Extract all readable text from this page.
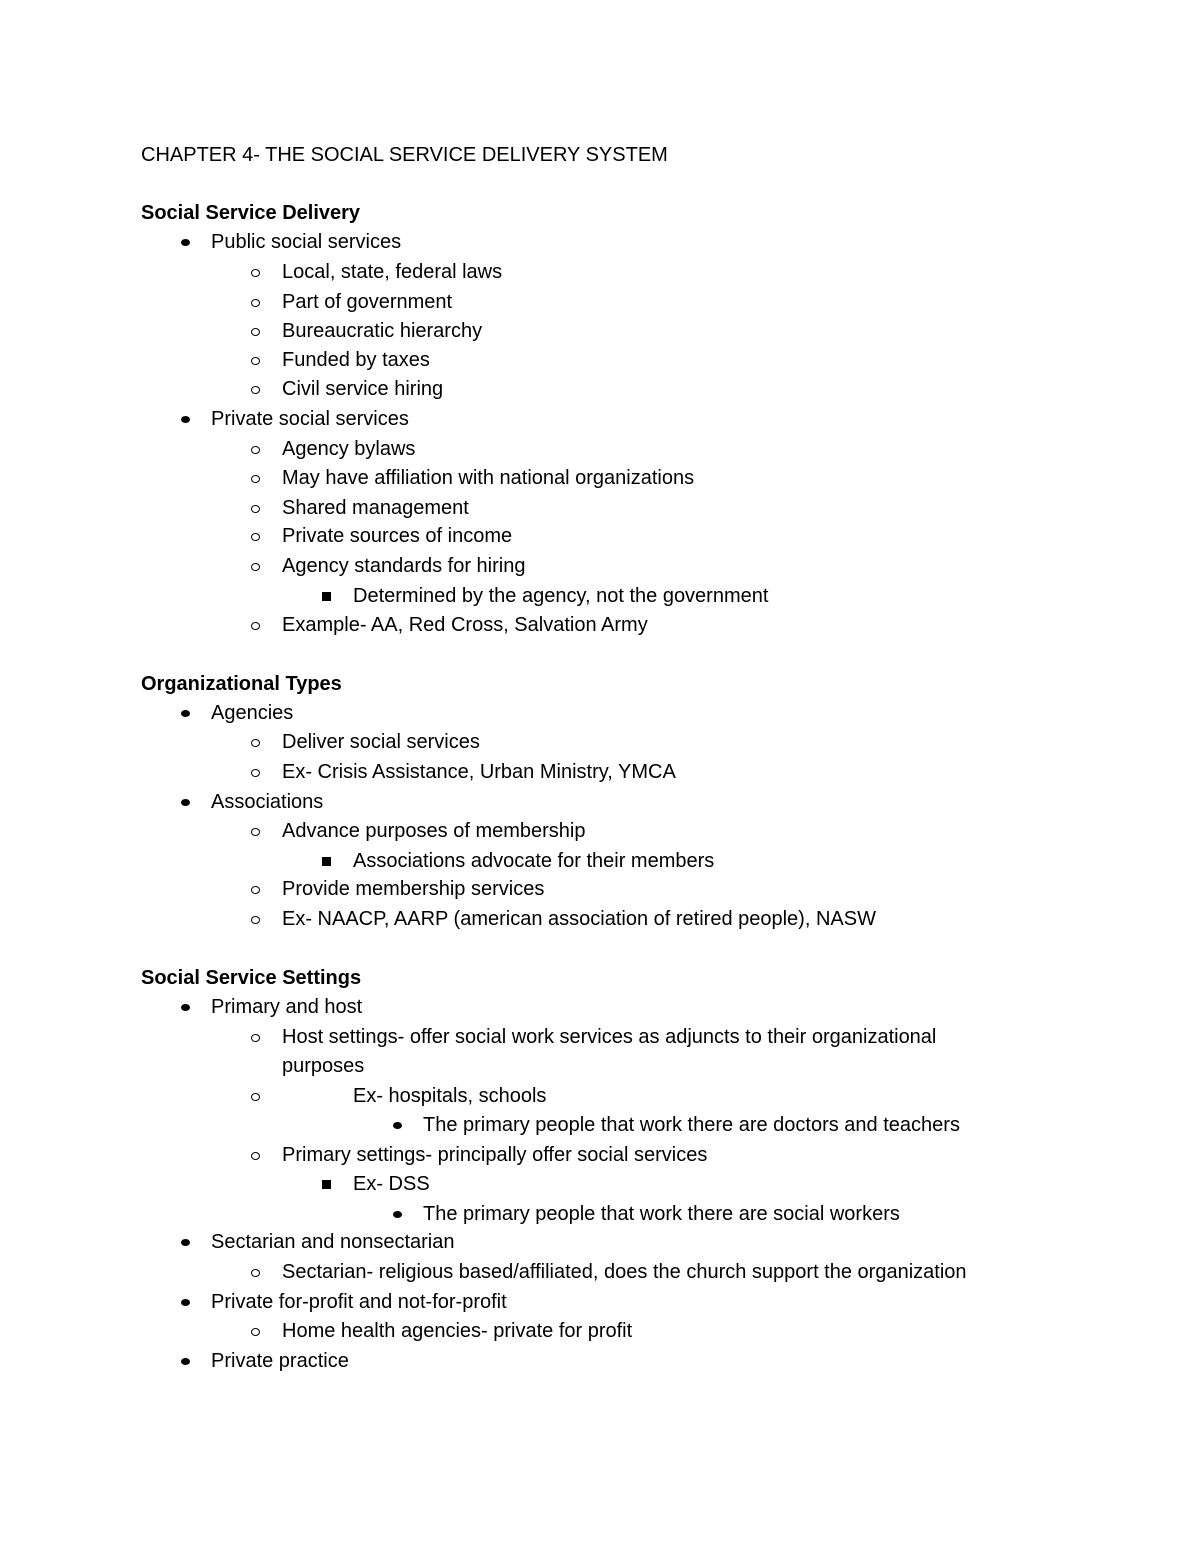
CHAPTER 4- THE SOCIAL SERVICE DELIVERY SYSTEM
Social Service Delivery
Public social services
Local, state, federal laws
Part of government
Bureaucratic hierarchy
Funded by taxes
Civil service hiring
Private social services
Agency bylaws
May have affiliation with national organizations
Shared management
Private sources of income
Agency standards for hiring
Determined by the agency, not the government
Example- AA, Red Cross, Salvation Army
Organizational Types
Agencies
Deliver social services
Ex- Crisis Assistance, Urban Ministry, YMCA
Associations
Advance purposes of membership
Associations advocate for their members
Provide membership services
Ex- NAACP, AARP (american association of retired people), NASW
Social Service Settings
Primary and host
Host settings- offer social work services as adjuncts to their organizational
purposes
Ex- hospitals, schools
The primary people that work there are doctors and teachers
Primary settings- principally offer social services
Ex- DSS
The primary people that work there are social workers
Sectarian and nonsectarian
Sectarian- religious based/affiliated, does the church support the organization
Private for-profit and not-for-profit
Home health agencies- private for profit
Private practice
